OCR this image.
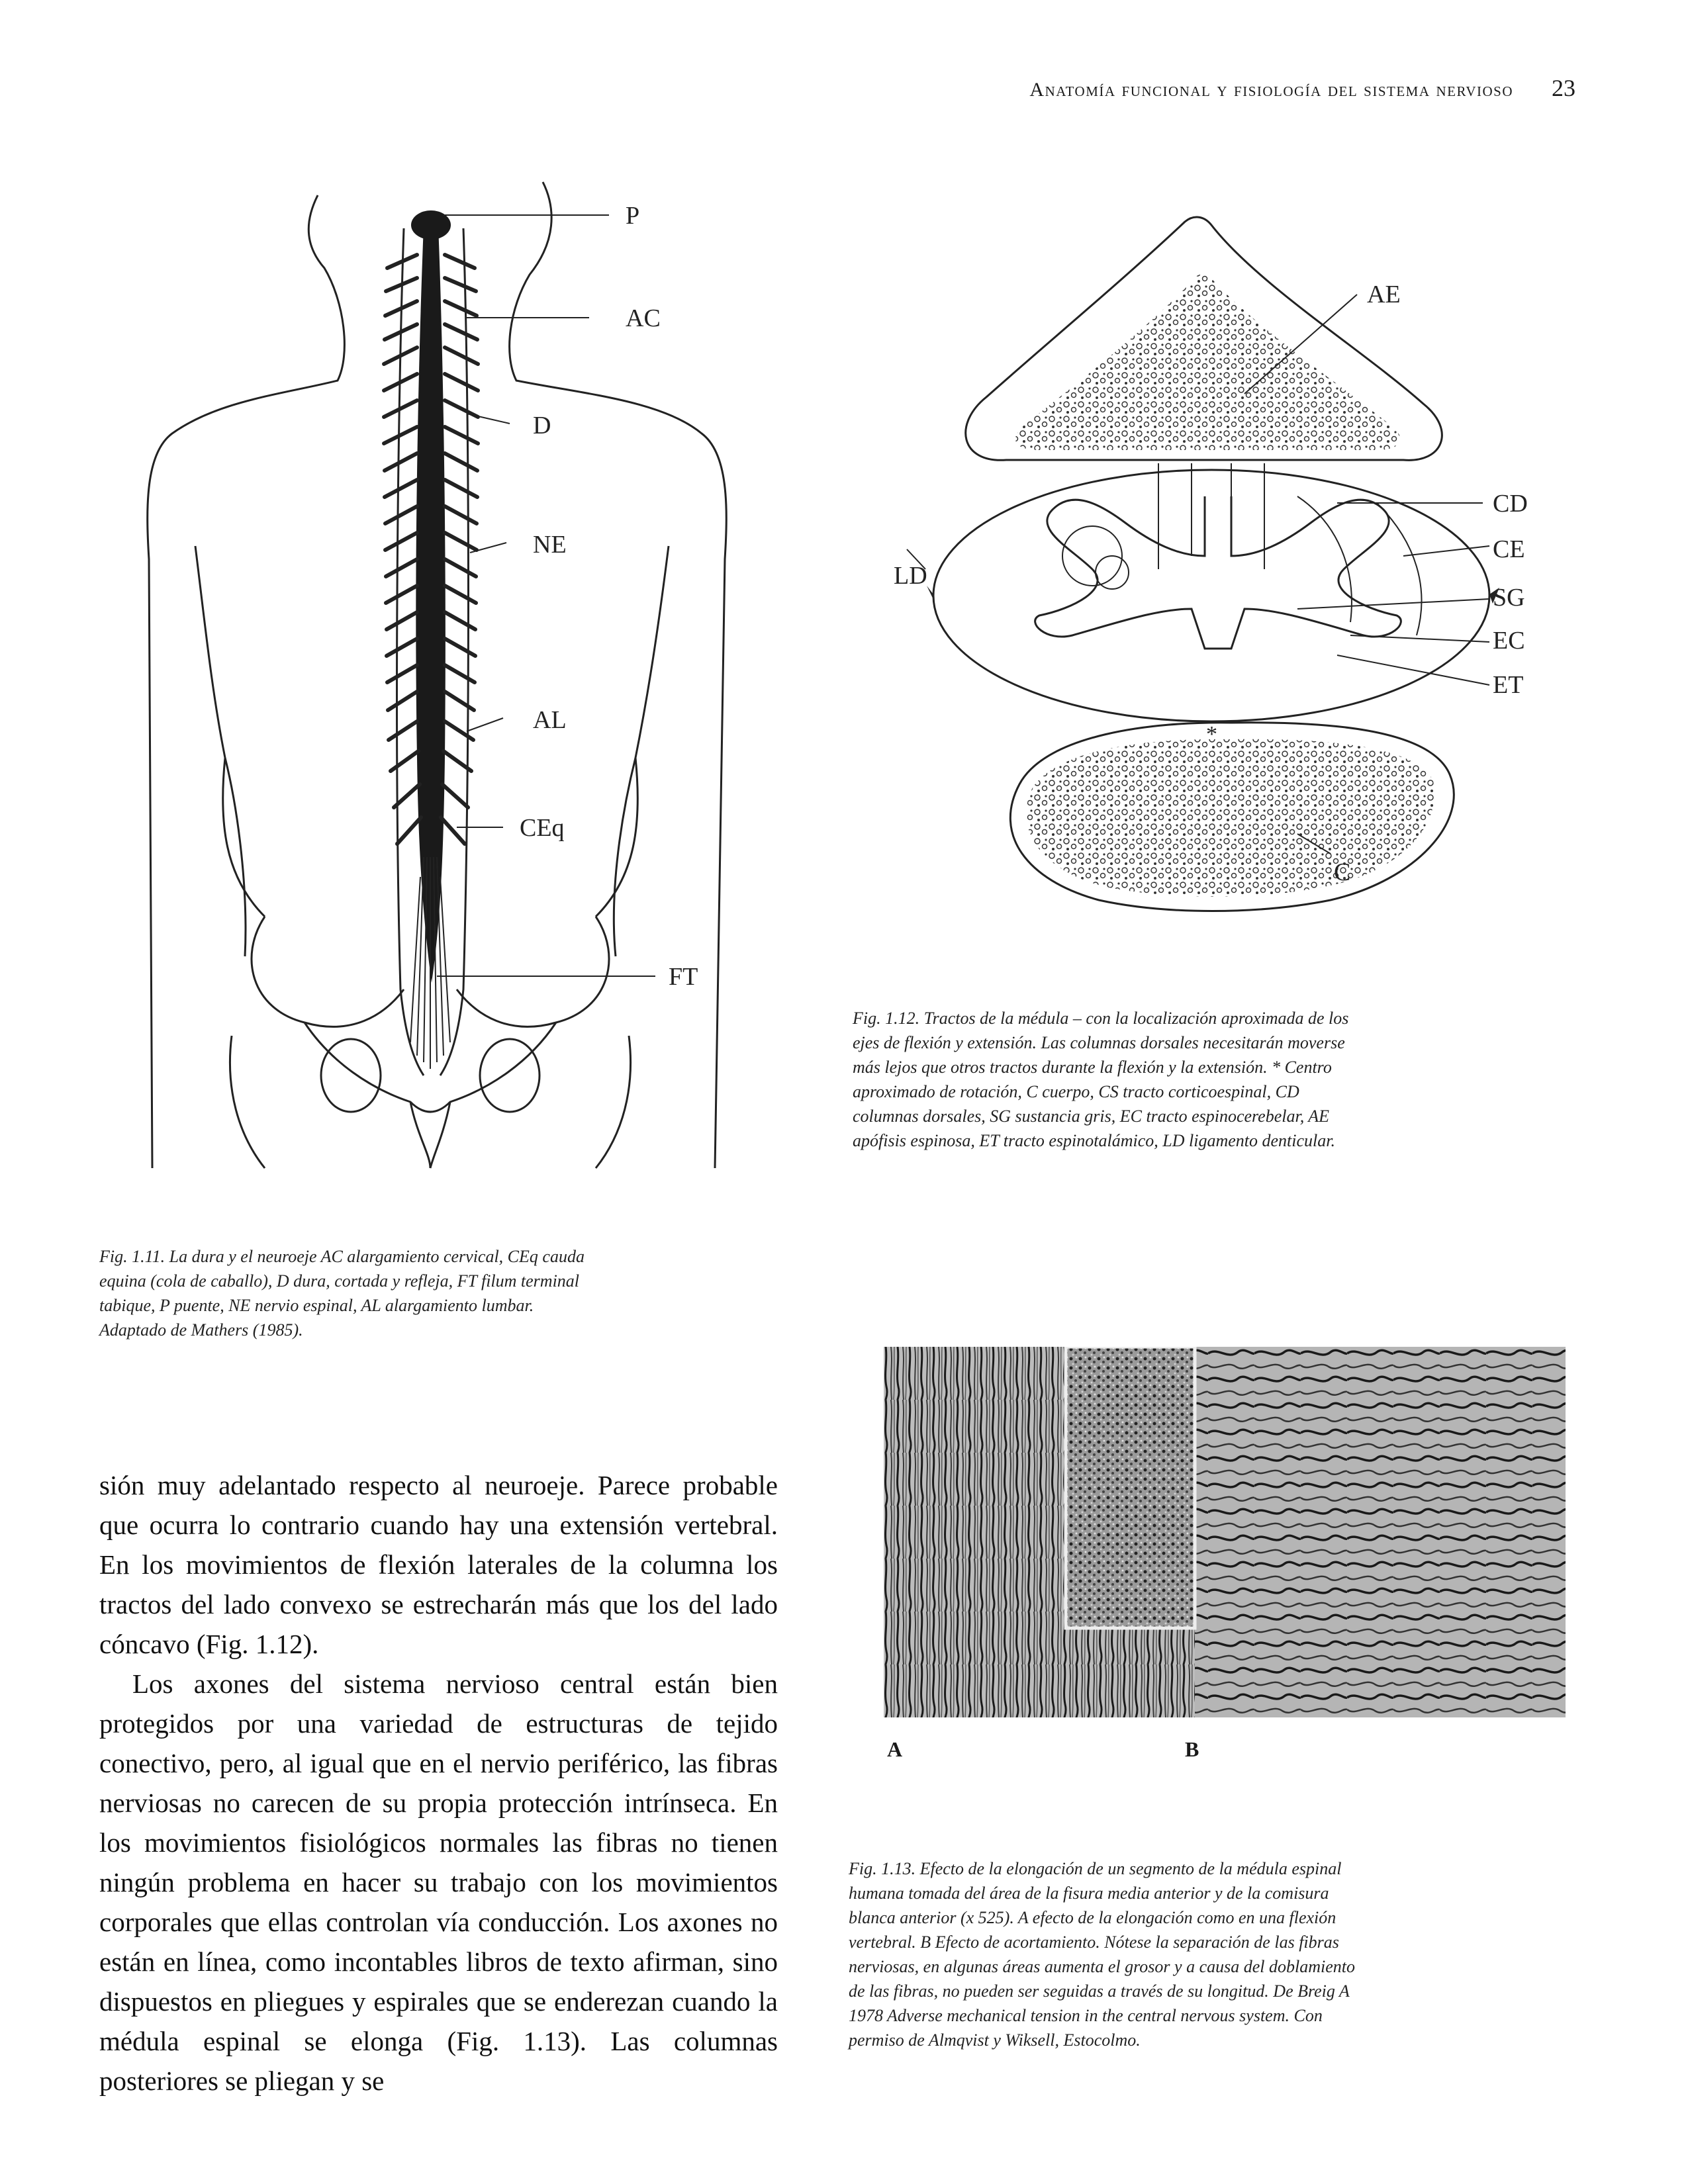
Anatomía funcional y fisiología del sistema nervioso 23
P
AC
D
NE
AL
CEq
FT
AE
CD
CE
SG
EC
ET
LD
C
*
Fig. 1.12. Tractos de la médula – con la localización aproximada de los
ejes de flexión y extensión. Las columnas dorsales necesitarán moverse
más lejos que otros tractos durante la flexión y la extensión. * Centro
aproximado de rotación, C cuerpo, CS tracto corticoespinal, CD
columnas dorsales, SG sustancia gris, EC tracto espinocerebelar, AE
apófisis espinosa, ET tracto espinotalámico, LD ligamento denticular.
Fig. 1.11. La dura y el neuroeje AC alargamiento cervical, CEq cauda
equina (cola de caballo), D dura, cortada y refleja, FT filum terminal
tabique, P puente, NE nervio espinal, AL alargamiento lumbar.
Adaptado de Mathers (1985).
A	B
Fig. 1.13. Efecto de la elongación de un segmento de la médula espinal
humana tomada del área de la fisura media anterior y de la comisura
blanca anterior (x 525). A efecto de la elongación como en una flexión
vertebral. B Efecto de acortamiento. Nótese la separación de las fibras
nerviosas, en algunas áreas aumenta el grosor y a causa del doblamiento
de las fibras, no pueden ser seguidas a través de su longitud. De Breig A
1978 Adverse mechanical tension in the central nervous system. Con
permiso de Almqvist y Wiksell, Estocolmo.

sión muy adelantado respecto al neuroeje. Parece probable que ocurra lo contrario cuando hay una extensión vertebral. En los movimientos de flexión laterales de la columna los tractos del lado convexo se estrecharán más que los del lado cóncavo (Fig. 1.12).

Los axones del sistema nervioso central están bien protegidos por una variedad de estructuras de tejido conectivo, pero, al igual que en el nervio periférico, las fibras nerviosas no carecen de su propia protección intrínseca. En los movimientos fisiológicos normales las fibras no tienen ningún problema en hacer su trabajo con los movimientos corporales que ellas controlan vía conducción. Los axones no están en línea, como incontables libros de texto afirman, sino dispuestos en pliegues y espirales que se enderezan cuando la médula espinal se elonga (Fig. 1.13). Las columnas posteriores se pliegan y se
